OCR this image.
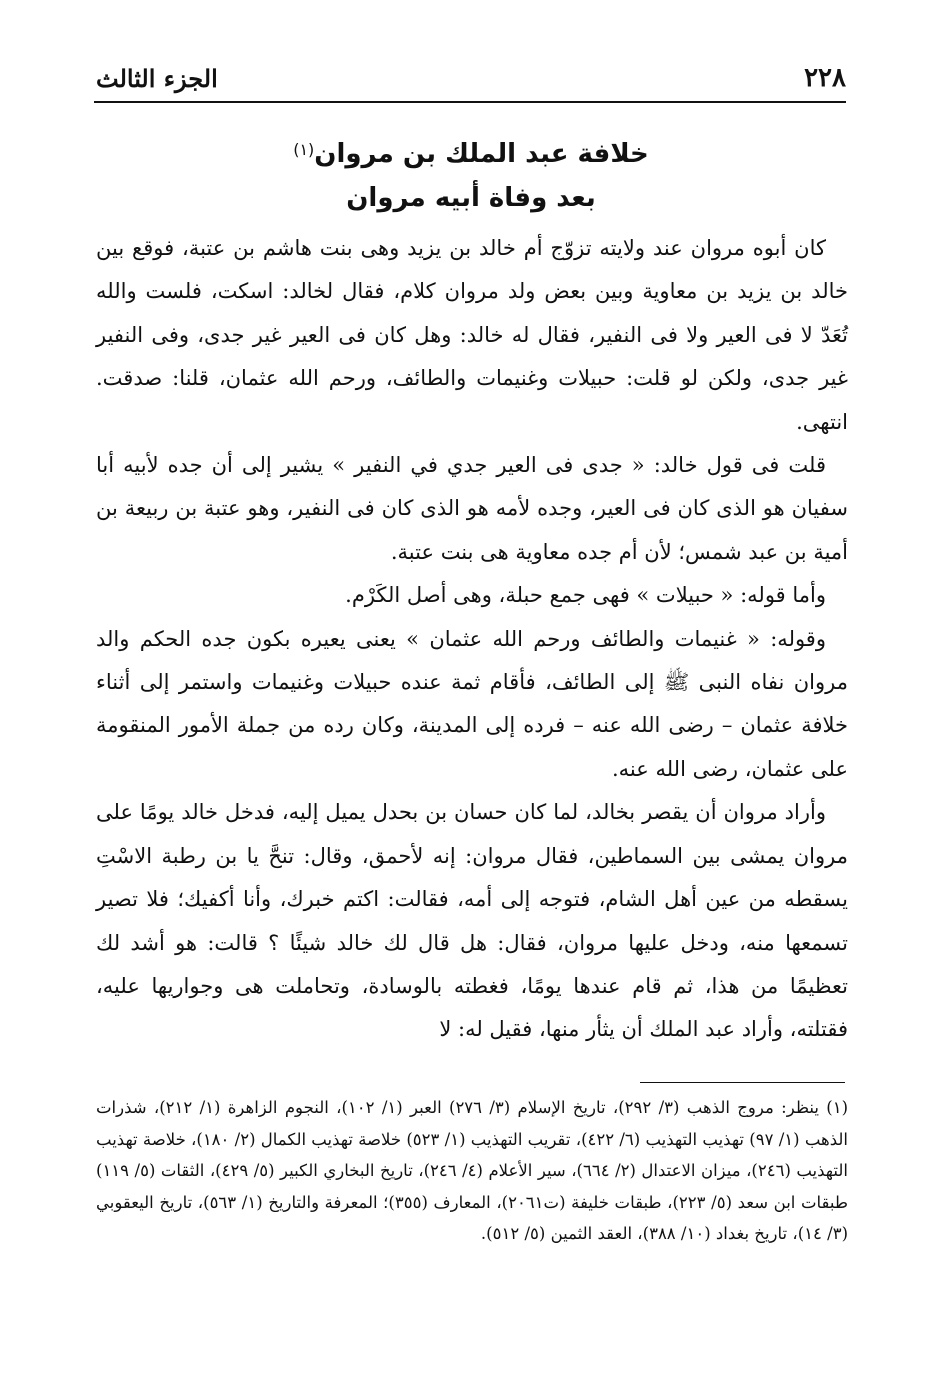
٢٢٨
الجزء الثالث
خلافة عبد الملك بن مروان$^{(١)}$
بعد وفاة أبيه مروان

كان أبوه مروان عند ولايته تزوّج أم خالد بن يزيد وهى بنت هاشم بن عتبة، فوقع بين خالد بن يزيد بن معاوية وبين بعض ولد مروان كلام، فقال لخالد: اسكت، فلست والله تُعَدّ لا فى العير ولا فى النفير، فقال له خالد: وهل كان فى العير غير جدى، وفى النفير غير جدى، ولكن لو قلت: حبيلات وغنيمات والطائف، ورحم الله عثمان، قلنا: صدقت. انتهى.

قلت فى قول خالد: « جدى فى العير جدي في النفير » يشير إلى أن جده لأبيه أبا سفيان هو الذى كان فى العير، وجده لأمه هو الذى كان فى النفير، وهو عتبة بن ربيعة بن أمية بن عبد شمس؛ لأن أم جده معاوية هى بنت عتبة.

وأما قوله: « حبيلات » فهى جمع حبلة، وهى أصل الكَرْم.

وقوله: « غنيمات والطائف ورحم الله عثمان » يعنى يعيره بكون جده الحكم والد مروان نفاه النبى ﷺ إلى الطائف، فأقام ثمة عنده حبيلات وغنيمات واستمر إلى أثناء خلافة عثمان – رضى الله عنه – فرده إلى المدينة، وكان رده من جملة الأمور المنقومة على عثمان، رضى الله عنه.

وأراد مروان أن يقصر بخالد، لما كان حسان بن بحدل يميل إليه، فدخل خالد يومًا على مروان يمشى بين السماطين، فقال مروان: إنه لأحمق، وقال: تنحَّ يا بن رطبة الاسْتِ يسقطه من عين أهل الشام، فتوجه إلى أمه، فقالت: اكتم خبرك، وأنا أكفيك؛ فلا تصير تسمعها منه، ودخل عليها مروان، فقال: هل قال لك خالد شيئًا ؟ قالت: هو أشد لك تعظيمًا من هذا، ثم قام عندها يومًا، فغطته بالوسادة، وتحاملت هى وجواريها عليه، فقتلته، وأراد عبد الملك أن يثأر منها، فقيل له: لا

(١) ينظر: مروج الذهب (٣/ ٢٩٢)، تاريخ الإسلام (٣/ ٢٧٦) العبر (١/ ١٠٢)، النجوم الزاهرة (١/ ٢١٢)، شذرات الذهب (١/ ٩٧) تهذيب التهذيب (٦/ ٤٢٢)، تقريب التهذيب (١/ ٥٢٣) خلاصة تهذيب الكمال (٢/ ١٨٠)، خلاصة تهذيب التهذيب (٢٤٦)، ميزان الاعتدال (٢/ ٦٦٤)، سير الأعلام (٤/ ٢٤٦)، تاريخ البخاري الكبير (٥/ ٤٢٩)، الثقات (٥/ ١١٩) طبقات ابن سعد (٥/ ٢٢٣)، طبقات خليفة (ت٢٠٦١)، المعارف (٣٥٥)؛ المعرفة والتاريخ (١/ ٥٦٣)، تاريخ اليعقوبي (٣/ ١٤)، تاريخ بغداد (١٠/ ٣٨٨)، العقد الثمين (٥/ ٥١٢).
